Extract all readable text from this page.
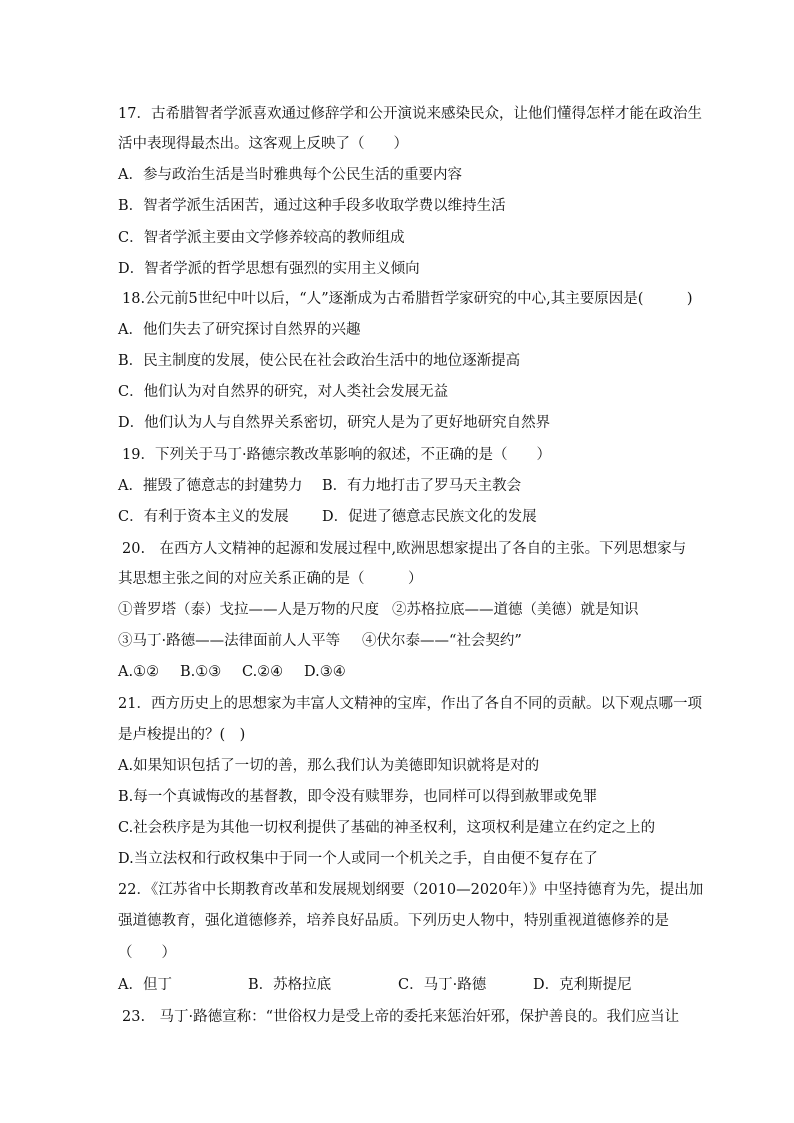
17．古希腊智者学派喜欢通过修辞学和公开演说来感染民众，让他们懂得怎样才能在政治生
活中表现得最杰出。这客观上反映了（　　）
A．参与政治生活是当时雅典每个公民生活的重要内容
B．智者学派生活困苦，通过这种手段多收取学费以维持生活
C．智者学派主要由文学修养较高的教师组成
D．智者学派的哲学思想有强烈的实用主义倾向
18.公元前5世纪中叶以后，“人”逐渐成为古希腊哲学家研究的中心,其主要原因是(　　　)
A．他们失去了研究探讨自然界的兴趣
B．民主制度的发展，使公民在社会政治生活中的地位逐渐提高
C．他们认为对自然界的研究，对人类社会发展无益
D．他们认为人与自然界关系密切，研究人是为了更好地研究自然界
19．下列关于马丁·路德宗教改革影响的叙述，不正确的是（　　）
A．摧毁了德意志的封建势力 B．有力地打击了罗马天主教会
C．有利于资本主义的发展 D．促进了德意志民族文化的发展
20.　在西方人文精神的起源和发展过程中,欧洲思想家提出了各自的主张。下列思想家与
其思想主张之间的对应关系正确的是（　　　）
①普罗塔（泰）戈拉——人是万物的尺度 ②苏格拉底——道德（美德）就是知识
③马丁·路德——法律面前人人平等 ④伏尔泰——“社会契约”
A.①② B.①③ C.②④ D.③④
21．西方历史上的思想家为丰富人文精神的宝库，作出了各自不同的贡献。以下观点哪一项
是卢梭提出的？(　)
A.如果知识包括了一切的善，那么我们认为美德即知识就将是对的
B.每一个真诚悔改的基督教，即令没有赎罪券，也同样可以得到赦罪或免罪
C.社会秩序是为其他一切权利提供了基础的神圣权利，这项权利是建立在约定之上的
D.当立法权和行政权集中于同一个人或同一个机关之手，自由便不复存在了
22．《江苏省中长期教育改革和发展规划纲要（2010—2020年）》中坚持德育为先，提出加
强道德教育，强化道德修养，培养良好品质。下列历史人物中，特别重视道德修养的是
（　　）
A．但丁	B．苏格拉底	C．马丁·路德	D．克利斯提尼
23.　马丁·路德宣称：“世俗权力是受上帝的委托来惩治奸邪，保护善良的。我们应当让
